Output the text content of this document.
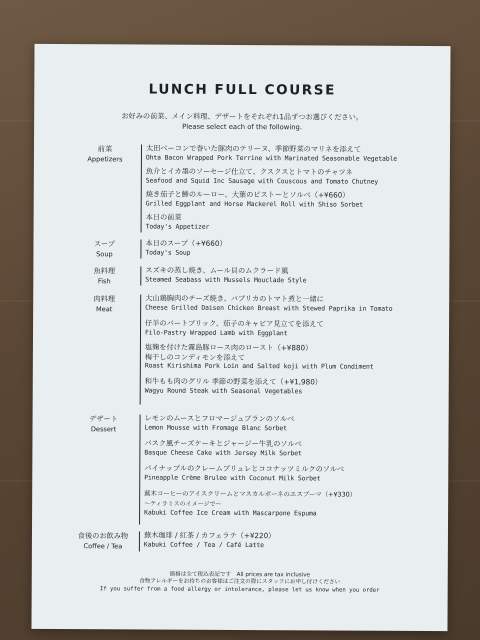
LUNCH FULL COURSE
お好みの前菜、メイン料理、デザートをそれぞれ1品ずつお選びください。
Please select each of the following.
前菜
Appetizers
太田ベーコンで巻いた豚肉のテリーヌ、季節野菜のマリネを添えて
Ohta Bacon Wrapped Pork Terrine with Marinated Seasonable Vegetable
魚介とイカ墨のソーセージ仕立て、クスクスとトマトのチャツネ
Seafood and Squid Inc Sausage with Couscous and Tomato Chutney
焼き茄子と鯵のルーロー、大葉のピストーとソルベ（+¥660）
Grilled Eggplant and Horse Mackerel Roll with Shiso Sorbet
本日の前菜
Today's Appetizer
スープ
Soup
本日のスープ（+¥660）
Today's Soup
魚料理
Fish
スズキの蒸し焼き、ムール貝のムクラード風
Steamed Seabass with Mussels Mouclade Style
肉料理
Meat
大山鶏胸肉のチーズ焼き、パプリカのトマト煮と一緒に
Cheese Grilled Daisen Chicken Breast with Stewed Paprika in Tomato
仔羊のパートブリック、茄子のキャビア見立てを添えて
Filo-Pastry Wrapped Lamb with Eggplant
塩麹を付けた霧島豚ロース肉のロースト（+¥880）
梅干しのコンディモンを添えて
Roast Kirishima Pork Loin and Salted koji with Plum Condiment
和牛もも肉のグリル 季節の野菜を添えて（+¥1,980）
Wagyu Round Steak with Seasonal Vegetables
デザート
Dessert
レモンのムースとフロマージュブランのソルベ
Lemon Mousse with Fromage Blanc Sorbet
バスク風チーズケーキとジャージー牛乳のソルベ
Basque Cheese Cake with Jersey Milk Sorbet
パイナップルのクレームブリュレとココナッツミルクのソルベ
Pineapple Crème Brulee with Coconut Milk Sorbet
蕪木コーヒーのアイスクリームとマスカルポーネのエスプーマ（+¥330）
〜ティラミスのイメージで〜
Kabuki Coffee Ice Cream with Mascarpone Espuma
食後のお飲み物
Coffee / Tea
蕪木珈琲 / 紅茶 / カフェラテ（+¥220）
Kabuki Coffee / Tea / Café Latte
価格は全て税込表記です　All prices are tax inclusive
食物アレルギーをお持ちのお客様はご注文の際にスタッフにお申し付けください
If you suffer from a food allergy or intolerance, please let us know when you order
